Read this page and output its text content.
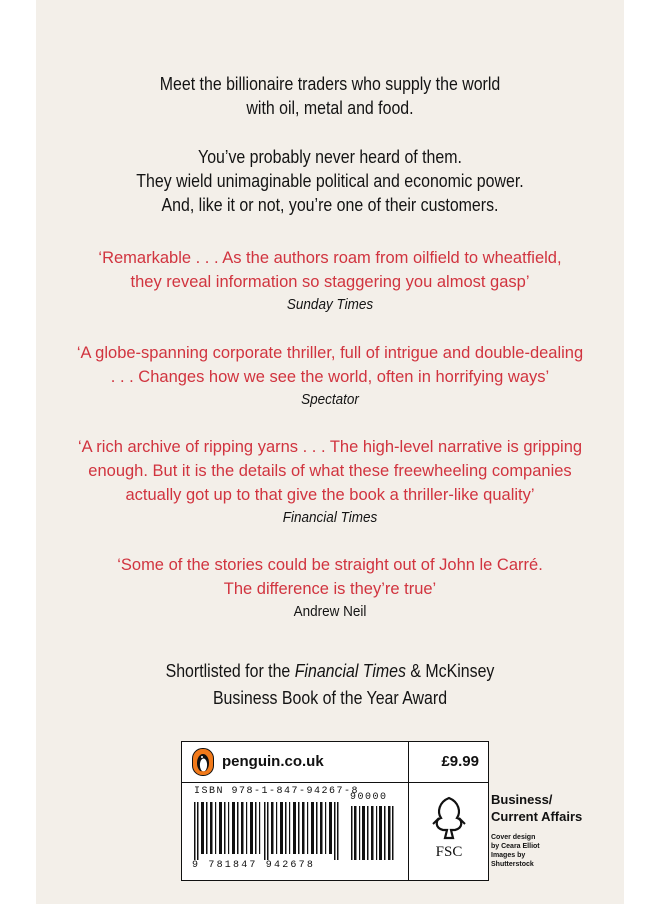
Meet the billionaire traders who supply the world
with oil, metal and food.
You’ve probably never heard of them.
They wield unimaginable political and economic power.
And, like it or not, you’re one of their customers.
‘Remarkable . . . As the authors roam from oilfield to wheatfield,
they reveal information so staggering you almost gasp’
Sunday Times
‘A globe-spanning corporate thriller, full of intrigue and double-dealing
. . . Changes how we see the world, often in horrifying ways’
Spectator
‘A rich archive of ripping yarns . . . The high-level narrative is gripping
enough. But it is the details of what these freewheeling companies
actually got up to that give the book a thriller-like quality’
Financial Times
‘Some of the stories could be straight out of John le Carré.
The difference is they’re true’
Andrew Neil
Shortlisted for the Financial Times & McKinsey
Business Book of the Year Award
penguin.co.uk	£9.99
ISBN 978-1-847-94267-8
90000
9 781847 942678
FSC
Business/
Current Affairs
Cover design
by Ceara Elliot
Images by
Shutterstock
